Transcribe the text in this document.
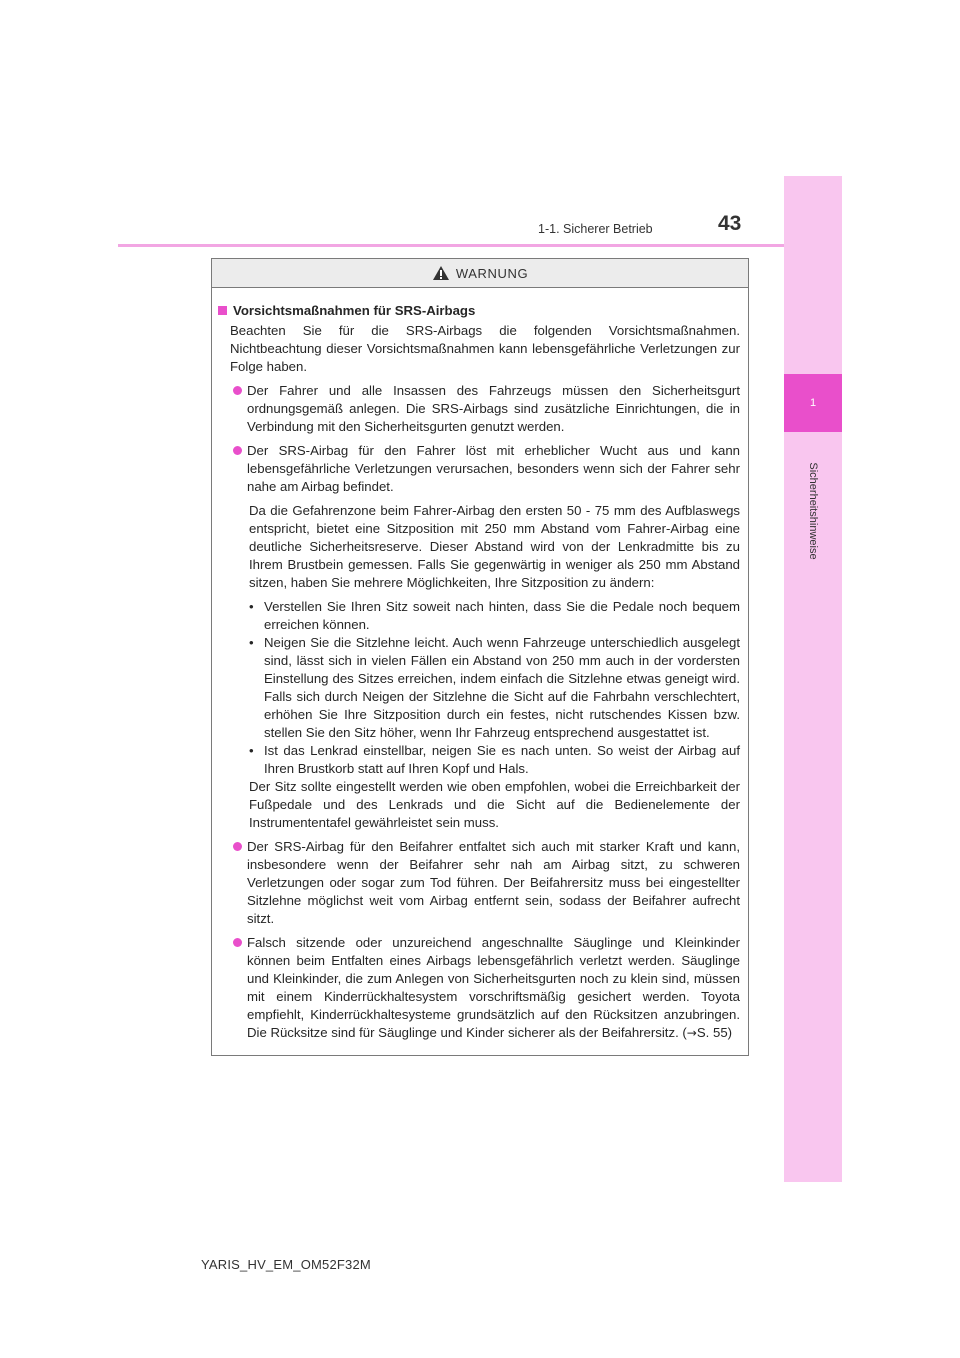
1
Sicherheitshinweise
1-1. Sicherer Betrieb	43
WARNUNG
Vorsichtsmaßnahmen für SRS-Airbags
Beachten Sie für die SRS-Airbags die folgenden Vorsichtsmaßnahmen. Nichtbeachtung dieser Vorsichtsmaßnahmen kann lebensgefährliche Verletzungen zur Folge haben.
Der Fahrer und alle Insassen des Fahrzeugs müssen den Sicherheitsgurt ordnungsgemäß anlegen. Die SRS-Airbags sind zusätzliche Einrichtungen, die in Verbindung mit den Sicherheitsgurten genutzt werden.
Der SRS-Airbag für den Fahrer löst mit erheblicher Wucht aus und kann lebensgefährliche Verletzungen verursachen, besonders wenn sich der Fahrer sehr nahe am Airbag befindet.
Da die Gefahrenzone beim Fahrer-Airbag den ersten 50 - 75 mm des Aufblaswegs entspricht, bietet eine Sitzposition mit 250 mm Abstand vom Fahrer-Airbag eine deutliche Sicherheitsreserve. Dieser Abstand wird von der Lenkradmitte bis zu Ihrem Brustbein gemessen. Falls Sie gegenwärtig in weniger als 250 mm Abstand sitzen, haben Sie mehrere Möglichkeiten, Ihre Sitzposition zu ändern:
• Verstellen Sie Ihren Sitz soweit nach hinten, dass Sie die Pedale noch bequem erreichen können.
• Neigen Sie die Sitzlehne leicht. Auch wenn Fahrzeuge unterschiedlich ausgelegt sind, lässt sich in vielen Fällen ein Abstand von 250 mm auch in der vordersten Einstellung des Sitzes erreichen, indem einfach die Sitzlehne etwas geneigt wird. Falls sich durch Neigen der Sitzlehne die Sicht auf die Fahrbahn verschlechtert, erhöhen Sie Ihre Sitzposition durch ein festes, nicht rutschendes Kissen bzw. stellen Sie den Sitz höher, wenn Ihr Fahrzeug entsprechend ausgestattet ist.
• Ist das Lenkrad einstellbar, neigen Sie es nach unten. So weist der Airbag auf Ihren Brustkorb statt auf Ihren Kopf und Hals.
Der Sitz sollte eingestellt werden wie oben empfohlen, wobei die Erreichbarkeit der Fußpedale und des Lenkrads und die Sicht auf die Bedienelemente der Instrumententafel gewährleistet sein muss.
Der SRS-Airbag für den Beifahrer entfaltet sich auch mit starker Kraft und kann, insbesondere wenn der Beifahrer sehr nah am Airbag sitzt, zu schweren Verletzungen oder sogar zum Tod führen. Der Beifahrersitz muss bei eingestellter Sitzlehne möglichst weit vom Airbag entfernt sein, sodass der Beifahrer aufrecht sitzt.
Falsch sitzende oder unzureichend angeschnallte Säuglinge und Kleinkinder können beim Entfalten eines Airbags lebensgefährlich verletzt werden. Säuglinge und Kleinkinder, die zum Anlegen von Sicherheitsgurten noch zu klein sind, müssen mit einem Kinderrückhaltesystem vorschriftsmäßig gesichert werden. Toyota empfiehlt, Kinderrückhaltesysteme grundsätzlich auf den Rücksitzen anzubringen. Die Rücksitze sind für Säuglinge und Kinder sicherer als der Beifahrersitz. (→S. 55)
YARIS_HV_EM_OM52F32M
